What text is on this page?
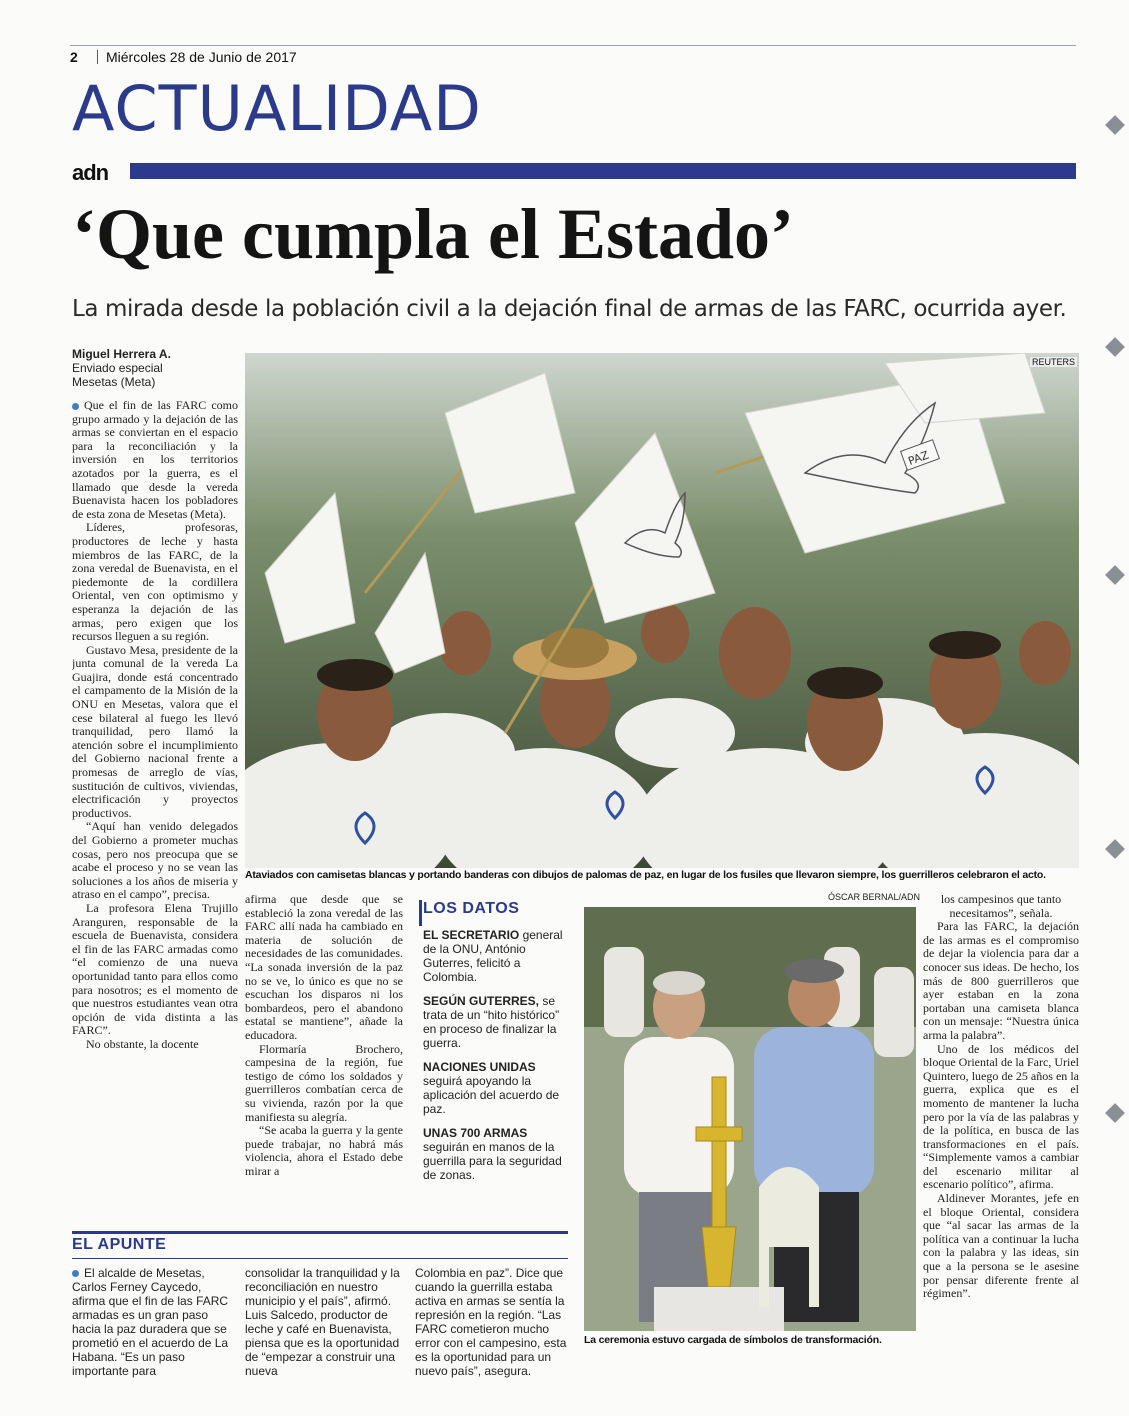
2 Miércoles 28 de Junio de 2017
ACTUALIDAD
adn
‘Que cumpla el Estado’
La mirada desde la población civil a la dejación final de armas de las FARC, ocurrida ayer.
Miguel Herrera A.
Enviado especial
Mesetas (Meta)

Que el fin de las FARC como grupo armado y la dejación de las armas se conviertan en el espacio para la reconciliación y la inversión en los territorios azotados por la guerra, es el llamado que desde la vereda Buenavista hacen los pobladores de esta zona de Mesetas (Meta).

Líderes, profesoras, productores de leche y hasta miembros de las FARC, de la zona veredal de Buenavista, en el piedemonte de la cordillera Oriental, ven con optimismo y esperanza la dejación de las armas, pero exigen que los recursos lleguen a su región.

Gustavo Mesa, presidente de la junta comunal de la vereda La Guajira, donde está concentrado el campamento de la Misión de la ONU en Mesetas, valora que el cese bilateral al fuego les llevó tranquilidad, pero llamó la atención sobre el incumplimiento del Gobierno nacional frente a promesas de arreglo de vías, sustitución de cultivos, viviendas, electrificación y proyectos productivos.

“Aquí han venido delegados del Gobierno a prometer muchas cosas, pero nos preocupa que se acabe el proceso y no se vean las soluciones a los años de miseria y atraso en el campo”, precisa.

La profesora Elena Trujillo Aranguren, responsable de la escuela de Buenavista, considera el fin de las FARC armadas como “el comienzo de una nueva oportunidad tanto para ellos como para nosotros; es el momento de que nuestros estudiantes vean otra opción de vida distinta a las FARC”.

No obstante, la docente

PAZ
REUTERS
Ataviados con camisetas blancas y portando banderas con dibujos de palomas de paz, en lugar de los fusiles que llevaron siempre, los guerrilleros celebraron el acto.

afirma que desde que se estableció la zona veredal de las FARC allí nada ha cambiado en materia de solución de necesidades de las comunidades. “La sonada inversión de la paz no se ve, lo único es que no se escuchan los disparos ni los bombardeos, pero el abandono estatal se mantiene”, añade la educadora.

Flormaría Brochero, campesina de la región, fue testigo de cómo los soldados y guerrilleros combatían cerca de su vivienda, razón por la que manifiesta su alegría.

“Se acaba la guerra y la gente puede trabajar, no habrá más violencia, ahora el Estado debe mirar a

LOS DATOS
EL SECRETARIO general de la ONU, António Guterres, felicitó a Colombia.
SEGÚN GUTERRES, se trata de un “hito histórico” en proceso de finalizar la guerra.
NACIONES UNIDAS seguirá apoyando la aplicación del acuerdo de paz.
UNAS 700 ARMAS seguirán en manos de la guerrilla para la seguridad de zonas.
ÓSCAR BERNAL/ADN
La ceremonia estuvo cargada de símbolos de transformación.

los campesinos que tanto necesitamos”, señala.

Para las FARC, la dejación de las armas es el compromiso de dejar la violencia para dar a conocer sus ideas. De hecho, los más de 800 guerrilleros que ayer estaban en la zona portaban una camiseta blanca con un mensaje: “Nuestra única arma la palabra”.

Uno de los médicos del bloque Oriental de la Farc, Uriel Quintero, luego de 25 años en la guerra, explica que es el momento de mantener la lucha pero por la vía de las palabras y de la política, en busca de las transformaciones en el país. “Simplemente vamos a cambiar del escenario militar al escenario político”, afirma.

Aldinever Morantes, jefe en el bloque Oriental, considera que “al sacar las armas de la política van a continuar la lucha con la palabra y las ideas, sin que a la persona se le asesine por pensar diferente frente al régimen”.

EL APUNTE
El alcalde de Mesetas, Carlos Ferney Caycedo, afirma que el fin de las FARC armadas es un gran paso hacia la paz duradera que se prometió en el acuerdo de La Habana. “Es un paso importante para
consolidar la tranquilidad y la reconciliación en nuestro municipio y el país”, afirmó. Luis Salcedo, productor de leche y café en Buenavista, piensa que es la oportunidad de “empezar a construir una nueva
Colombia en paz”. Dice que cuando la guerrilla estaba activa en armas se sentía la represión en la región. “Las FARC cometieron mucho error con el campesino, esta es la oportunidad para un nuevo país”, asegura.
